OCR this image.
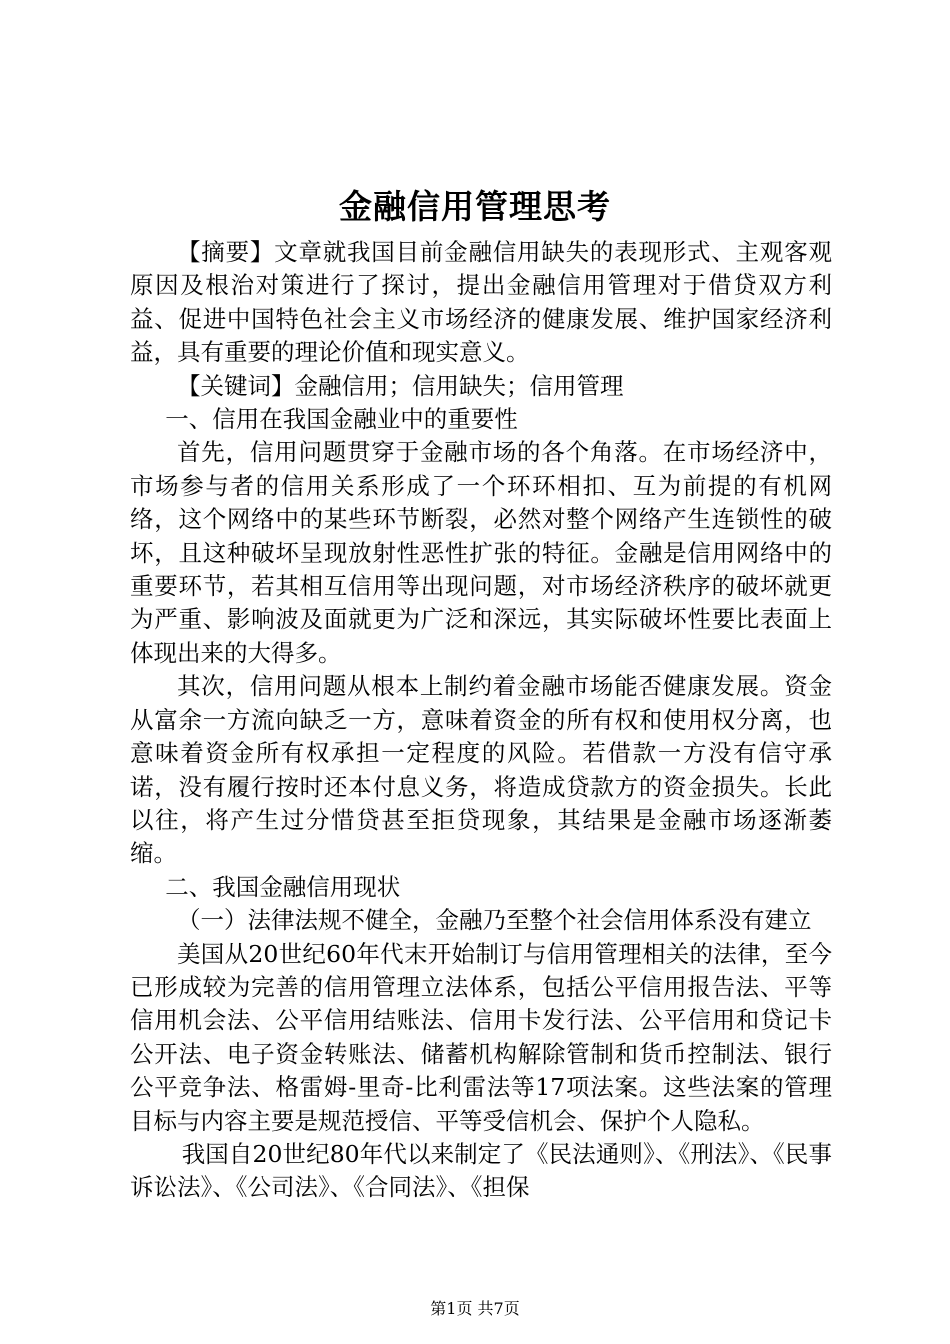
金融信用管理思考

【摘要】文章就我国目前金融信用缺失的表现形式、主观客观原因及根治对策进行了探讨，提出金融信用管理对于借贷双方利益、促进中国特色社会主义市场经济的健康发展、维护国家经济利益，具有重要的理论价值和现实意义。

【关键词】金融信用；信用缺失；信用管理

一、信用在我国金融业中的重要性

首先，信用问题贯穿于金融市场的各个角落。在市场经济中，市场参与者的信用关系形成了一个环环相扣、互为前提的有机网络，这个网络中的某些环节断裂，必然对整个网络产生连锁性的破坏，且这种破坏呈现放射性恶性扩张的特征。金融是信用网络中的重要环节，若其相互信用等出现问题，对市场经济秩序的破坏就更为严重、影响波及面就更为广泛和深远，其实际破坏性要比表面上体现出来的大得多。

其次，信用问题从根本上制约着金融市场能否健康发展。资金从富余一方流向缺乏一方，意味着资金的所有权和使用权分离，也意味着资金所有权承担一定程度的风险。若借款一方没有信守承诺，没有履行按时还本付息义务，将造成贷款方的资金损失。长此以往，将产生过分惜贷甚至拒贷现象，其结果是金融市场逐渐萎缩。

二、我国金融信用现状

（一）法律法规不健全，金融乃至整个社会信用体系没有建立

美国从20世纪60年代末开始制订与信用管理相关的法律，至今已形成较为完善的信用管理立法体系，包括公平信用报告法、平等信用机会法、公平信用结账法、信用卡发行法、公平信用和贷记卡公开法、电子资金转账法、储蓄机构解除管制和货币控制法、银行公平竞争法、格雷姆-里奇-比利雷法等17项法案。这些法案的管理目标与内容主要是规范授信、平等受信机会、保护个人隐私。

我国自20世纪80年代以来制定了《民法通则》、《刑法》、《民事诉讼法》、《公司法》、《合同法》、《担保

第1页 共7页
